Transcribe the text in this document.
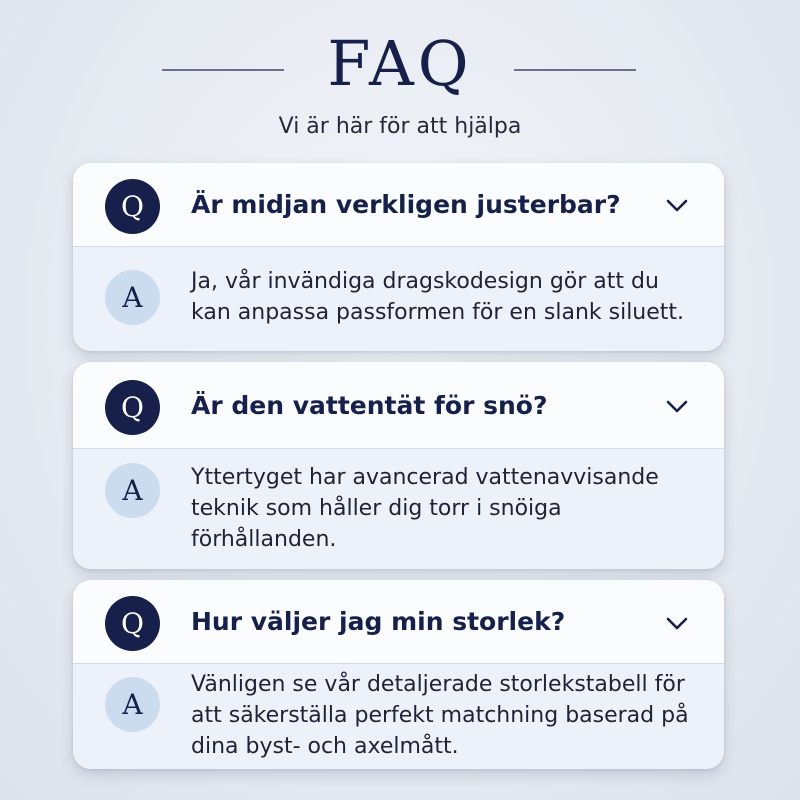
FAQ
Vi är här för att hjälpa
Q	Är midjan verkligen justerbar?
A	Ja, vår invändiga dragskodesign gör att du kan anpassa passformen för en slank siluett.
Q	Är den vattentät för snö?
A	Yttertyget har avancerad vattenavvisande teknik som håller dig torr i snöiga förhållanden.
Q	Hur väljer jag min storlek?
A
Vänligen se vår detaljerade storlekstabell för att säkerställa perfekt matchning baserad på dina byst- och axelmått.
